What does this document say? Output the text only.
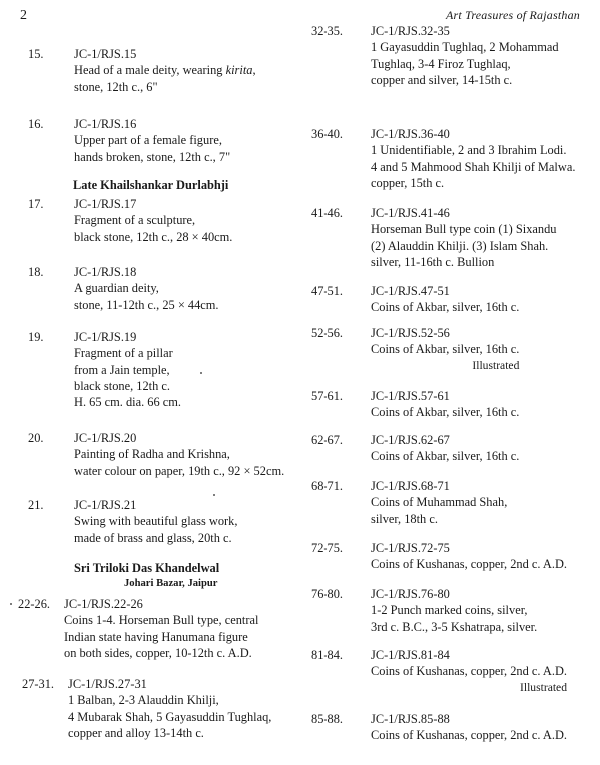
2	Art Treasures of Rajasthan
15. JC-1/RJS.15
Head of a male deity, wearing kirita,
stone, 12th c., 6"
16. JC-1/RJS.16
Upper part of a female figure,
hands broken, stone, 12th c., 7"
17. JC-1/RJS.17
Fragment of a sculpture,
black stone, 12th c., 28 × 40cm.
18. JC-1/RJS.18
A guardian deity,
stone, 11-12th c., 25 × 44cm.
19. JC-1/RJS.19
Fragment of a pillar
from a Jain temple,
black stone, 12th c.
H. 65 cm. dia. 66 cm.
20. JC-1/RJS.20
Painting of Radha and Krishna,
water colour on paper, 19th c., 92 × 52cm.
21. JC-1/RJS.21
Swing with beautiful glass work,
made of brass and glass, 20th c.
22-26. JC-1/RJS.22-26
Coins 1-4. Horseman Bull type, central
Indian state having Hanumana figure
on both sides, copper, 10-12th c. A.D.
27-31. JC-1/RJS.27-31
1 Balban, 2-3 Alauddin Khilji,
4 Mubarak Shah, 5 Gayasuddin Tughlaq,
copper and alloy 13-14th c.
32-35. JC-1/RJS.32-35
1 Gayasuddin Tughlaq, 2 Mohammad
Tughlaq, 3-4 Firoz Tughlaq,
copper and silver, 14-15th c.
36-40. JC-1/RJS.36-40
1 Unidentifiable, 2 and 3 Ibrahim Lodi.
4 and 5 Mahmood Shah Khilji of Malwa.
copper, 15th c.
41-46. JC-1/RJS.41-46
Horseman Bull type coin (1) Sixandu
(2) Alauddin Khilji. (3) Islam Shah.
silver, 11-16th c. Bullion
47-51. JC-1/RJS.47-51
Coins of Akbar, silver, 16th c.
52-56. JC-1/RJS.52-56
Coins of Akbar, silver, 16th c.
Illustrated
57-61. JC-1/RJS.57-61
Coins of Akbar, silver, 16th c.
62-67. JC-1/RJS.62-67
Coins of Akbar, silver, 16th c.
68-71. JC-1/RJS.68-71
Coins of Muhammad Shah,
silver, 18th c.
72-75. JC-1/RJS.72-75
Coins of Kushanas, copper, 2nd c. A.D.
76-80. JC-1/RJS.76-80
1-2 Punch marked coins, silver,
3rd c. B.C., 3-5 Kshatrapa, silver.
81-84. JC-1/RJS.81-84
Coins of Kushanas, copper, 2nd c. A.D.
Illustrated
85-88. JC-1/RJS.85-88
Coins of Kushanas, copper, 2nd c. A.D.
Late Khailshankar Durlabhji
Sri Triloki Das Khandelwal
Johari Bazar, Jaipur
